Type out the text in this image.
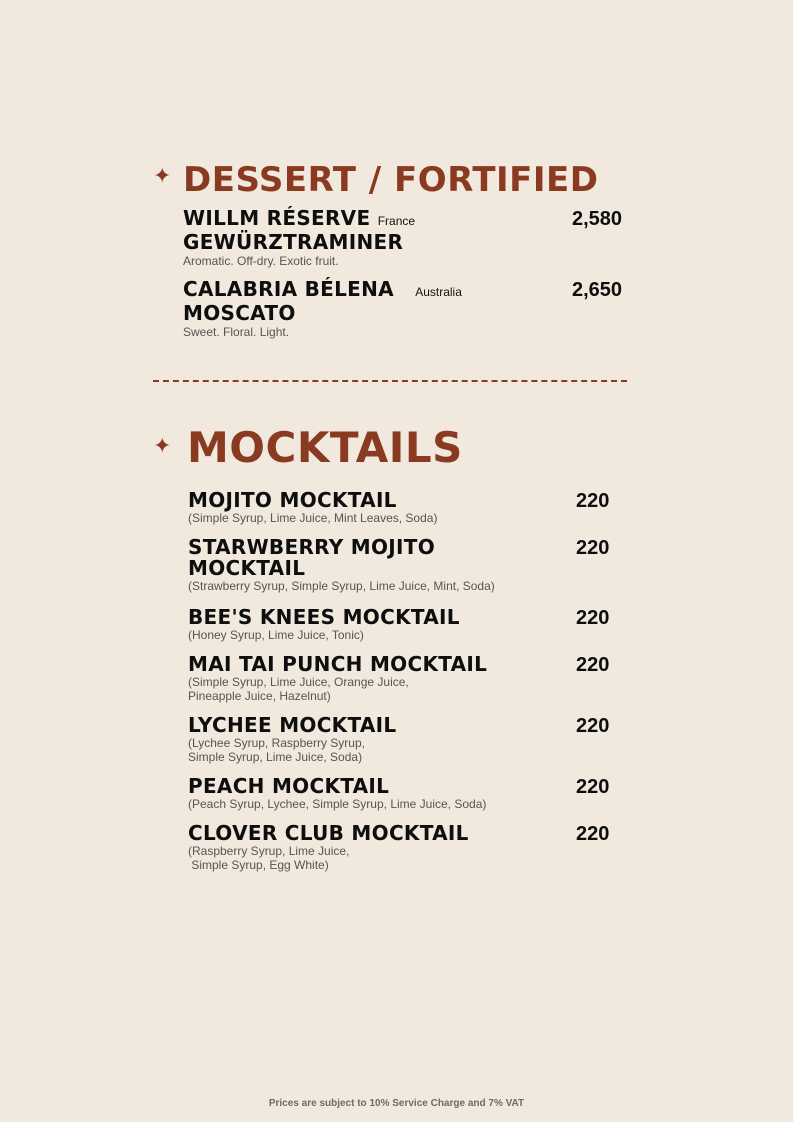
✦ DESSERT / FORTIFIED
WILLM RÉSERVE France
GEWÜRZTRAMINER
Aromatic. Off-dry. Exotic fruit.
2,580
CALABRIA BÉLENA Australia
MOSCATO
Sweet. Floral. Light.
2,650
✦ MOCKTAILS
MOJITO MOCKTAIL
(Simple Syrup, Lime Juice, Mint Leaves, Soda)
220
STARWBERRY MOJITO MOCKTAIL
(Strawberry Syrup, Simple Syrup, Lime Juice, Mint, Soda)
220
BEE'S KNEES MOCKTAIL
(Honey Syrup, Lime Juice, Tonic)
220
MAI TAI PUNCH MOCKTAIL
(Simple Syrup, Lime Juice, Orange Juice,
Pineapple Juice, Hazelnut)
220
LYCHEE MOCKTAIL
(Lychee Syrup, Raspberry Syrup,
Simple Syrup, Lime Juice, Soda)
220
PEACH MOCKTAIL
(Peach Syrup, Lychee, Simple Syrup, Lime Juice, Soda)
220
CLOVER CLUB MOCKTAIL
(Raspberry Syrup, Lime Juice,
Simple Syrup, Egg White)
220
Prices are subject to 10% Service Charge and 7% VAT
